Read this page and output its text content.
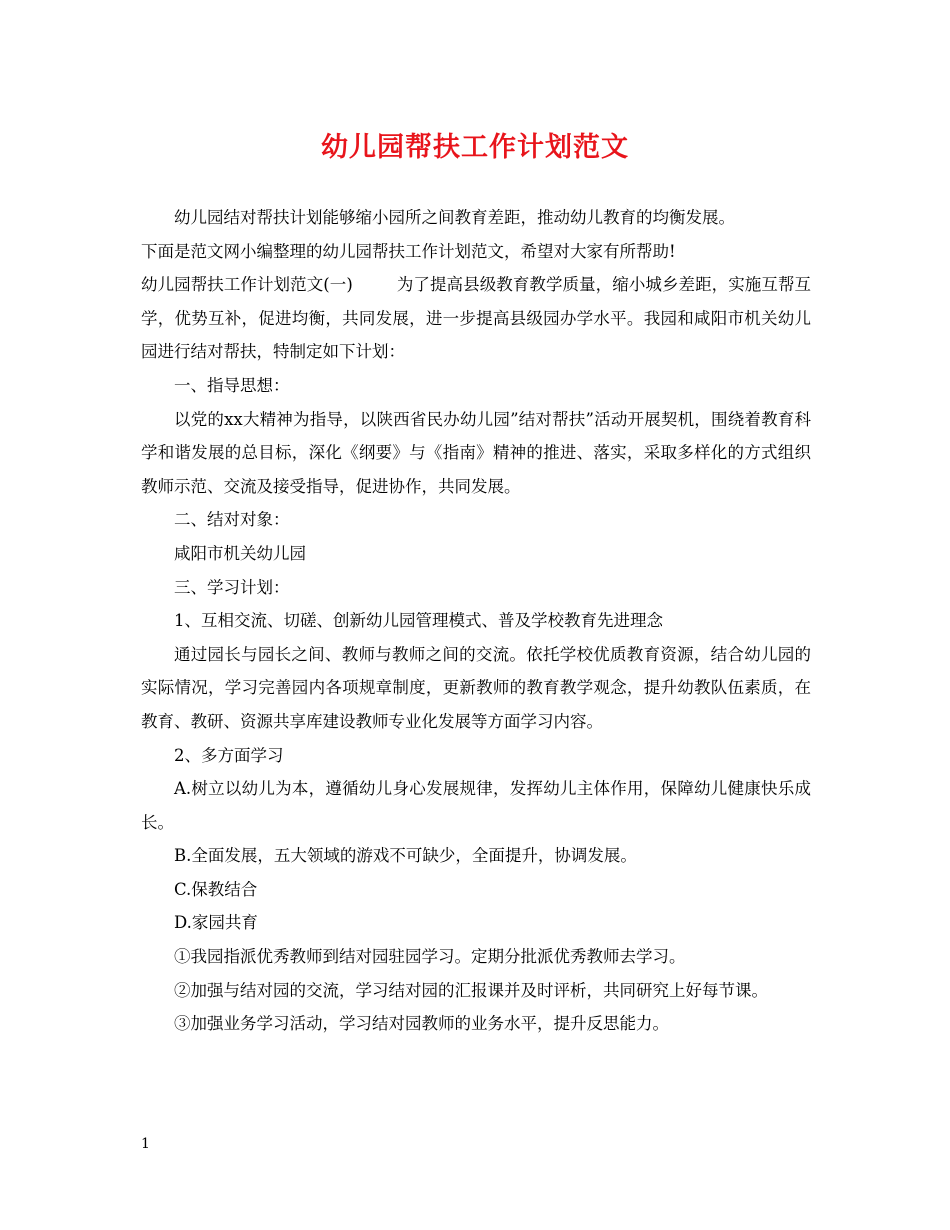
幼儿园帮扶工作计划范文

幼儿园结对帮扶计划能够缩小园所之间教育差距，推动幼儿教育的均衡发展。

下面是范文网小编整理的幼儿园帮扶工作计划范文，希望对大家有所帮助!

幼儿园帮扶工作计划范文(一)	为了提高县级教育教学质量，缩小城乡差距，实施互帮互学，优势互补，促进均衡，共同发展，进一步提高县级园办学水平。我园和咸阳市机关幼儿园进行结对帮扶，特制定如下计划：

一、指导思想：

以党的xx大精神为指导，以陕西省民办幼儿园”结对帮扶”活动开展契机，围绕着教育科学和谐发展的总目标，深化《纲要》与《指南》精神的推进、落实，采取多样化的方式组织教师示范、交流及接受指导，促进协作，共同发展。

二、结对对象：

咸阳市机关幼儿园

三、学习计划：

1、互相交流、切磋、创新幼儿园管理模式、普及学校教育先进理念

通过园长与园长之间、教师与教师之间的交流。依托学校优质教育资源，结合幼儿园的实际情况，学习完善园内各项规章制度，更新教师的教育教学观念，提升幼教队伍素质，在教育、教研、资源共享库建设教师专业化发展等方面学习内容。

2、多方面学习

A.树立以幼儿为本，遵循幼儿身心发展规律，发挥幼儿主体作用，保障幼儿健康快乐成长。

B.全面发展，五大领域的游戏不可缺少，全面提升，协调发展。

C.保教结合

D.家园共育

①我园指派优秀教师到结对园驻园学习。定期分批派优秀教师去学习。

②加强与结对园的交流，学习结对园的汇报课并及时评析，共同研究上好每节课。

③加强业务学习活动，学习结对园教师的业务水平，提升反思能力。

1
